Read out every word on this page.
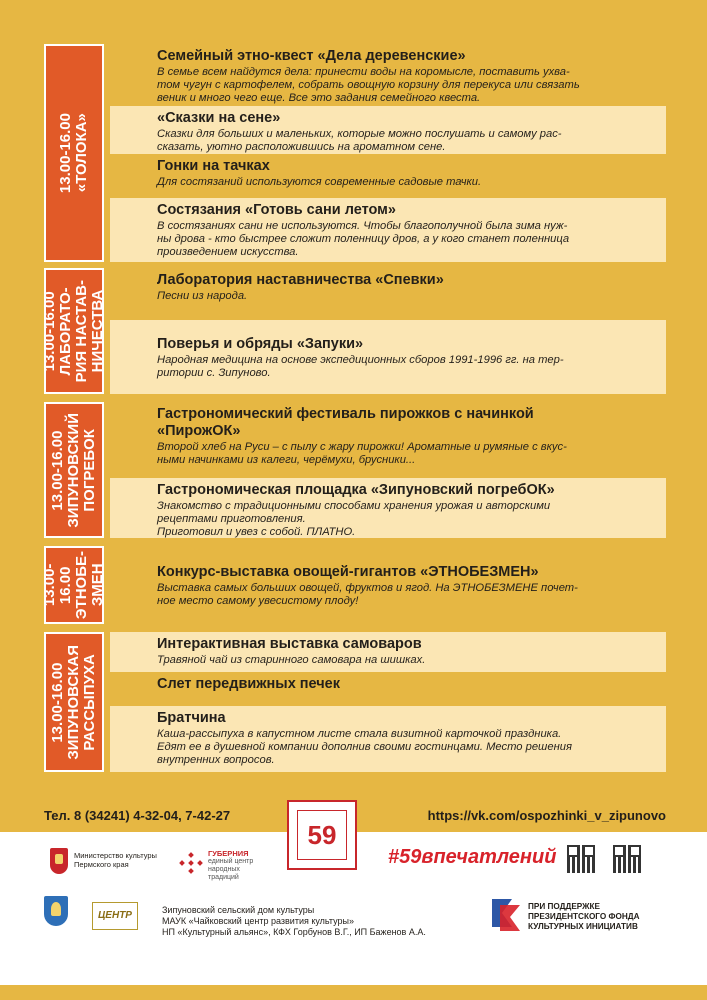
13.00-16.00
«ТОЛОКА»
Семейный этно-квест «Дела деревенские»
В семье всем найдутся дела: принести воды на коромысле, поставить ухва-
том чугун с картофелем, собрать овощную корзину для перекуса или связать
веник и много чего еще. Все это задания семейного квеста.
«Сказки на сене»
Сказки для больших и маленьких, которые можно послушать и самому рас-
сказать, уютно расположившись на ароматном сене.
Гонки на тачках
Для состязаний используются современные садовые тачки.
Состязания «Готовь сани летом»
В состязаниях сани не используются. Чтобы благополучной была зима нуж-
ны дрова - кто быстрее сложит поленницу дров, а у кого станет поленница
произведением искусства.
13.00-16.00
ЛАБОРАТО-
РИЯ НАСТАВ-
НИЧЕСТВА
Лаборатория наставничества «Спевки»
Песни из народа.
Поверья и обряды «Запуки»
Народная медицина на основе экспедиционных сборов 1991-1996 гг. на тер-
ритории с. Зипуново.
13.00-16.00
ЗИПУНОВСКИЙ
ПОГРЕБОК
Гастрономический фестиваль пирожков с начинкой
«ПирожОК»
Второй хлеб на Руси – с пылу с жару пирожки! Ароматные и румяные с вкус-
ными начинками из калеги, черёмухи, брусники...
Гастрономическая площадка «Зипуновский погребОК»
Знакомство с традиционными способами хранения урожая и авторскими
рецептами приготовления.
Приготовил и увез с собой. ПЛАТНО.
13.00-
16.00
ЭТНОБЕ-
ЗМЕН	Конкурс-выставка овощей-гигантов «ЭТНОБЕЗМЕН»
Выставка самых больших овощей, фруктов и ягод. На ЭТНОБЕЗМЕНЕ почет-
ное место самому увесистому плоду!
13.00-16.00
ЗИПУНОВСКАЯ
РАССЫПУХА
Интерактивная выставка самоваров
Травяной чай из старинного самовара на шишках.
Слет передвижных печек
Братчина
Каша-рассыпуха в капустном листе стала визитной карточкой праздника.
Едят ее в душевной компании дополнив своими гостинцами. Место решения
внутренних вопросов.
Тел. 8 (34241) 4-32-04, 7-42-27	https://vk.com/ospozhinki_v_zipunovo
Министерство культуры
Пермского края
ГУБЕРНИЯ
единый центр
народных
традиций
59
#59впечатлений
ЦЕНТР	Зипуновский сельский дом культуры
МАУК «Чайковский центр развития культуры»
НП «Культурный альянс», КФХ Горбунов В.Г., ИП Баженов А.А.
ПРИ ПОДДЕРЖКЕ
ПРЕЗИДЕНТСКОГО ФОНДА
КУЛЬТУРНЫХ ИНИЦИАТИВ
